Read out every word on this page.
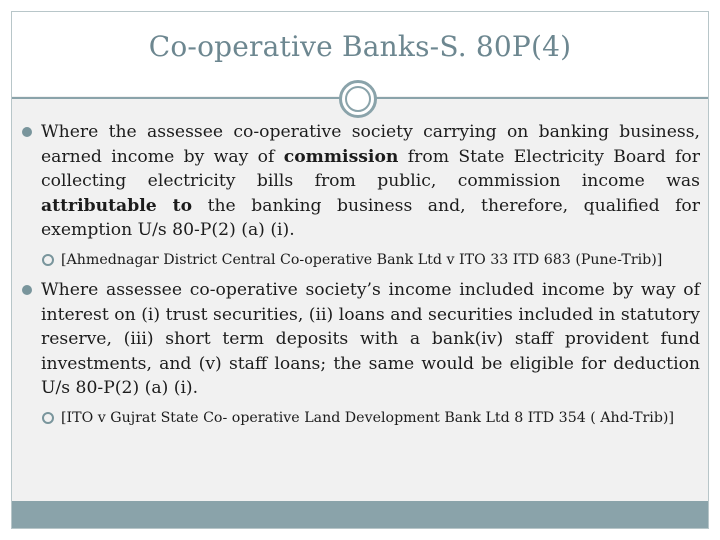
Co-operative Banks-S. 80P(4)
Where the assessee co-operative society carrying on banking business, earned income by way of commission from State Electricity Board for collecting electricity bills from public, commission income was attributable to the banking business and, therefore, qualified for exemption U/s 80-P(2) (a) (i).
[Ahmednagar District Central Co-operative Bank Ltd v ITO 33 ITD 683 (Pune-Trib)]
Where assessee co-operative society’s income included income by way of interest on (i) trust securities, (ii) loans and securities included in statutory reserve, (iii) short term deposits with a bank(iv) staff provident fund investments, and (v) staff loans; the same would be eligible for deduction U/s 80-P(2) (a) (i).
[ITO v Gujrat State Co- operative Land Development Bank Ltd 8 ITD 354 ( Ahd-Trib)]
